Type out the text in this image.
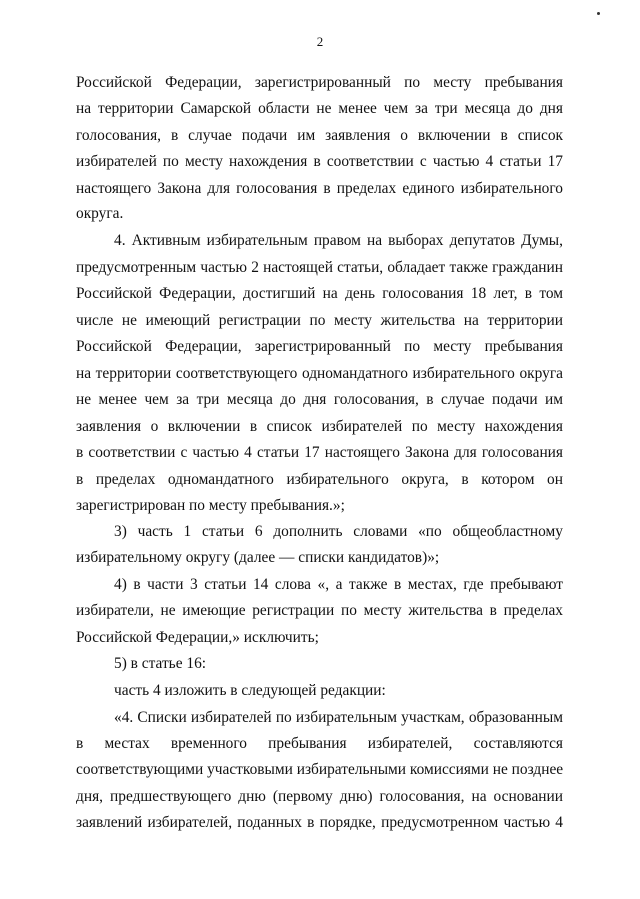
2
Российской Федерации, зарегистрированный по месту пребывания
на территории Самарской области не менее чем за три месяца до дня
голосования, в случае подачи им заявления о включении в список
избирателей по месту нахождения в соответствии с частью 4 статьи 17
настоящего Закона для голосования в пределах единого избирательного
округа.
4. Активным избирательным правом на выборах депутатов Думы,
предусмотренным частью 2 настоящей статьи, обладает также гражданин
Российской Федерации, достигший на день голосования 18 лет, в том
числе не имеющий регистрации по месту жительства на территории
Российской Федерации, зарегистрированный по месту пребывания
на территории соответствующего одномандатного избирательного округа
не менее чем за три месяца до дня голосования, в случае подачи им
заявления о включении в список избирателей по месту нахождения
в соответствии с частью 4 статьи 17 настоящего Закона для голосования
в пределах одномандатного избирательного округа, в котором он
зарегистрирован по месту пребывания.»;
3) часть 1 статьи 6 дополнить словами «по общеобластному
избирательному округу (далее — списки кандидатов)»;
4) в части 3 статьи 14 слова «, а также в местах, где пребывают
избиратели, не имеющие регистрации по месту жительства в пределах
Российской Федерации,» исключить;
5) в статье 16:
часть 4 изложить в следующей редакции:
«4. Списки избирателей по избирательным участкам, образованным
в местах временного пребывания избирателей, составляются
соответствующими участковыми избирательными комиссиями не позднее
дня, предшествующего дню (первому дню) голосования, на основании
заявлений избирателей, поданных в порядке, предусмотренном частью 4
